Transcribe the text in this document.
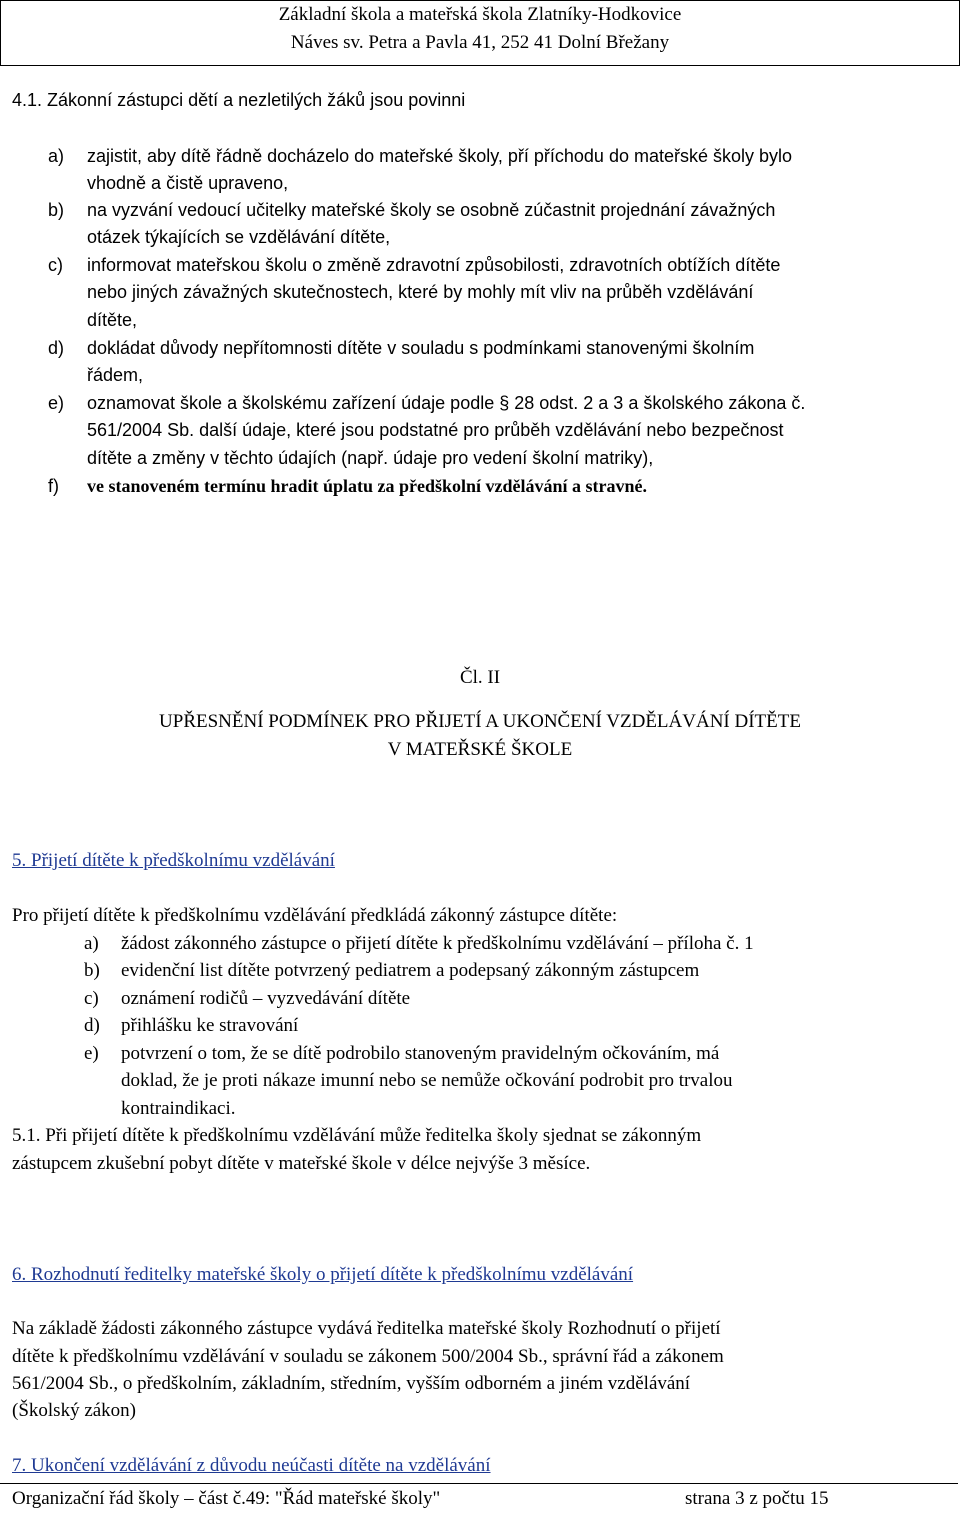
Základní škola a mateřská škola Zlatníky-Hodkovice
Náves sv. Petra a Pavla 41, 252 41 Dolní Břežany
4.1. Zákonní zástupci dětí a nezletilých žáků jsou povinni
a) zajistit, aby dítě řádně docházelo do mateřské školy, pří příchodu do mateřské školy bylo
vhodně a čistě upraveno,
b) na vyzvání vedoucí učitelky mateřské školy se osobně zúčastnit projednání závažných
otázek týkajících se vzdělávání dítěte,
c) informovat mateřskou školu o změně zdravotní způsobilosti, zdravotních obtížích dítěte
nebo jiných závažných skutečnostech, které by mohly mít vliv na průběh vzdělávání
dítěte,
d) dokládat důvody nepřítomnosti dítěte v souladu s podmínkami stanovenými školním
řádem,
e) oznamovat škole a školskému zařízení údaje podle § 28 odst. 2 a 3 a školského zákona č.
561/2004 Sb. další údaje, které jsou podstatné pro průběh vzdělávání nebo bezpečnost
dítěte a změny v těchto údajích (např. údaje pro vedení školní matriky),
f) ve stanoveném termínu hradit úplatu za předškolní vzdělávání a stravné.
Čl. II
UPŘESNĚNÍ PODMÍNEK PRO PŘIJETÍ A UKONČENÍ VZDĚLÁVÁNÍ DÍTĚTE
V MATEŘSKÉ ŠKOLE
5. Přijetí dítěte k předškolnímu vzdělávání
Pro přijetí dítěte k předškolnímu vzdělávání předkládá zákonný zástupce dítěte:
a) žádost zákonného zástupce o přijetí dítěte k předškolnímu vzdělávání – příloha č. 1
b) evidenční list dítěte potvrzený pediatrem a podepsaný zákonným zástupcem
c) oznámení rodičů – vyzvedávání dítěte
d) přihlášku ke stravování
e) potvrzení o tom, že se dítě podrobilo stanoveným pravidelným očkováním, má
doklad, že je proti nákaze imunní nebo se nemůže očkování podrobit pro trvalou
kontraindikaci.
5.1. Při přijetí dítěte k předškolnímu vzdělávání může ředitelka školy sjednat se zákonným
zástupcem zkušební pobyt dítěte v mateřské škole v délce nejvýše 3 měsíce.
6. Rozhodnutí ředitelky mateřské školy o přijetí dítěte k předškolnímu vzdělávání
Na základě žádosti zákonného zástupce vydává ředitelka mateřské školy Rozhodnutí o přijetí
dítěte k předškolnímu vzdělávání v souladu se zákonem 500/2004 Sb., správní řád a zákonem
561/2004 Sb., o předškolním, základním, středním, vyšším odborném a jiném vzdělávání
(Školský zákon)
7. Ukončení vzdělávání z důvodu neúčasti dítěte na vzdělávání
Organizační řád školy – část č.49: "Řád mateřské školy"	strana 3 z počtu 15
